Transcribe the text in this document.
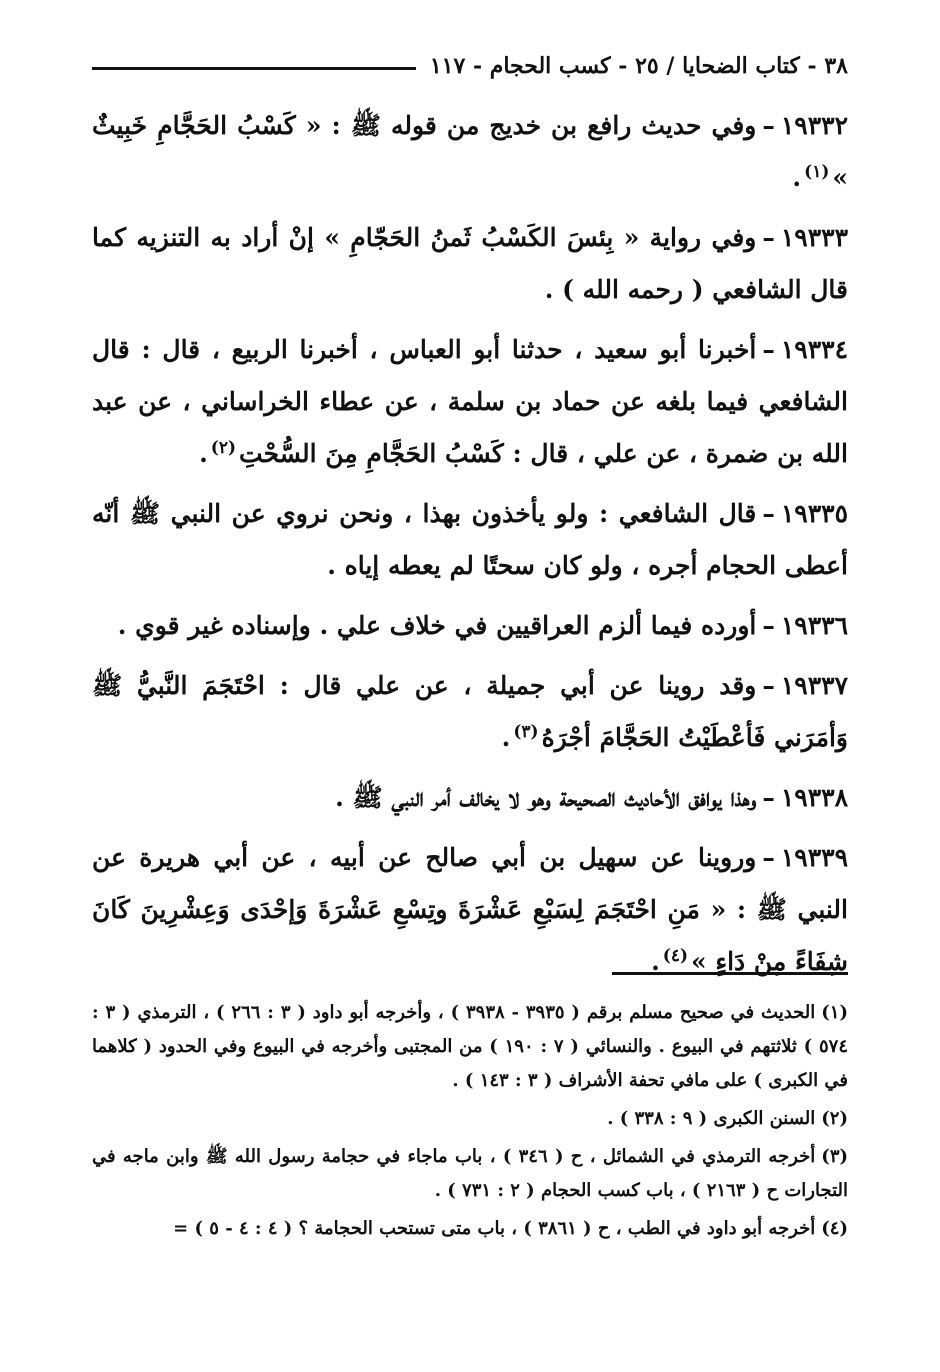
٣٨ - كتاب الضحايا / ٢٥ - كسب الحجام - ١١٧

١٩٣٣٢–وفي حديث رافع بن خديج من قوله ﷺ : « كَسْبُ الحَجَّامِ خَبِيثٌ »$^{(١)}$.

١٩٣٣٣–وفي رواية « بِئسَ الكَسْبُ ثَمنُ الحَجّامِ » إنْ أراد به التنزيه كما قال الشافعي ( رحمه الله ) .

١٩٣٣٤–أخبرنا أبو سعيد ، حدثنا أبو العباس ، أخبرنا الربيع ، قال : قال الشافعي فيما بلغه عن حماد بن سلمة ، عن عطاء الخراساني ، عن عبد الله بن ضمرة ، عن علي ، قال : كَسْبُ الحَجَّامِ مِنَ السُّحْتِ$^{(٢)}$.

١٩٣٣٥–قال الشافعي : ولو يأخذون بهذا ، ونحن نروي عن النبي ﷺ أنّه أعطى الحجام أجره ، ولو كان سحتًا لم يعطه إياه .

١٩٣٣٦–أورده فيما ألزم العراقيين في خلاف علي . وإسناده غير قوي .

١٩٣٣٧–وقد روينا عن أبي جميلة ، عن علي قال : احْتَجَمَ النَّبيُّ ﷺ وَأمَرَني فَأعْطَيْتُ الحَجَّامَ أجْرَهُ$^{(٣)}$.

١٩٣٣٨–وهذا يوافق الأحاديث الصحيحة وهو لا يخالف أمر النبي ﷺ .

١٩٣٣٩–وروينا عن سهيل بن أبي صالح عن أبيه ، عن أبي هريرة عن النبي ﷺ : « مَنِ احْتَجَمَ لِسَبْعِ عَشْرَةَ وتِسْعِ عَشْرَةَ وَإحْدَى وَعِشْرِينَ كَانَ شِفَاءً مِنْ دَاءٍ »$^{(٤)}$.

(١)الحديث في صحيح مسلم برقم ( ٣٩٣٥ - ٣٩٣٨ ) ، وأخرجه أبو داود ( ٣ : ٢٦٦ ) ، الترمذي ( ٣ : ٥٧٤ ) ثلاثتهم في البيوع . والنسائي ( ٧ : ١٩٠ ) من المجتبى وأخرجه في البيوع وفي الحدود ( كلاهما في الكبرى ) على مافي تحفة الأشراف ( ٣ : ١٤٣ ) .

(٢)السنن الكبرى ( ٩ : ٣٣٨ ) .

(٣)أخرجه الترمذي في الشمائل ، ح ( ٣٤٦ ) ، باب ماجاء في حجامة رسول الله ﷺ وابن ماجه في التجارات ح ( ٢١٦٣ ) ، باب كسب الحجام ( ٢ : ٧٣١ ) .

(٤)أخرجه أبو داود في الطب ، ح ( ٣٨٦١ ) ، باب متى تستحب الحجامة ؟ ( ٤ : ٤ - ٥ ) =
